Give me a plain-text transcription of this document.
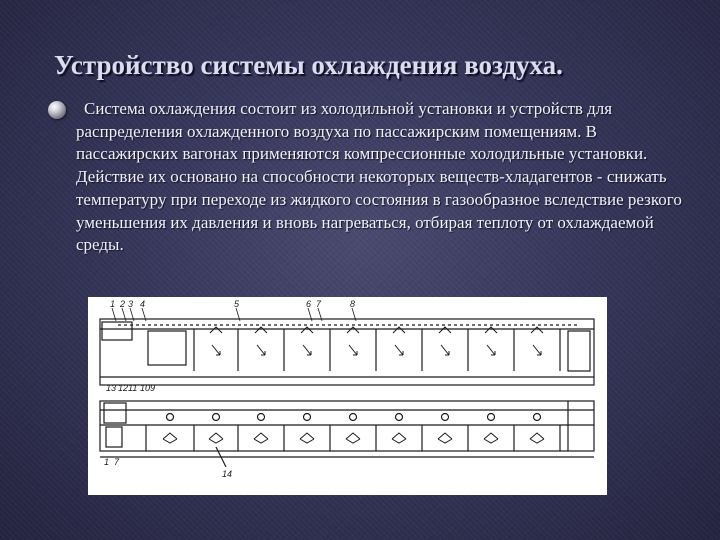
Устройство системы охлаждения воздуха.

Система охлаждения состоит из холодильной установки и устройств для распределения охлажденного воздуха по пассажирским помещениям. В пассажирских вагонах применяются компрессионные холодильные установки. Действие их основано на способности некоторых веществ-хладагентов - снижать температуру при переходе из жидкого состояния в газообразное вследствие резкого уменьшения их давления и вновь нагреваться, отбирая теплоту от охлаждаемой среды.

1 2 3 4	5	6 7	8
13 12 11 10 9
1 7
14
